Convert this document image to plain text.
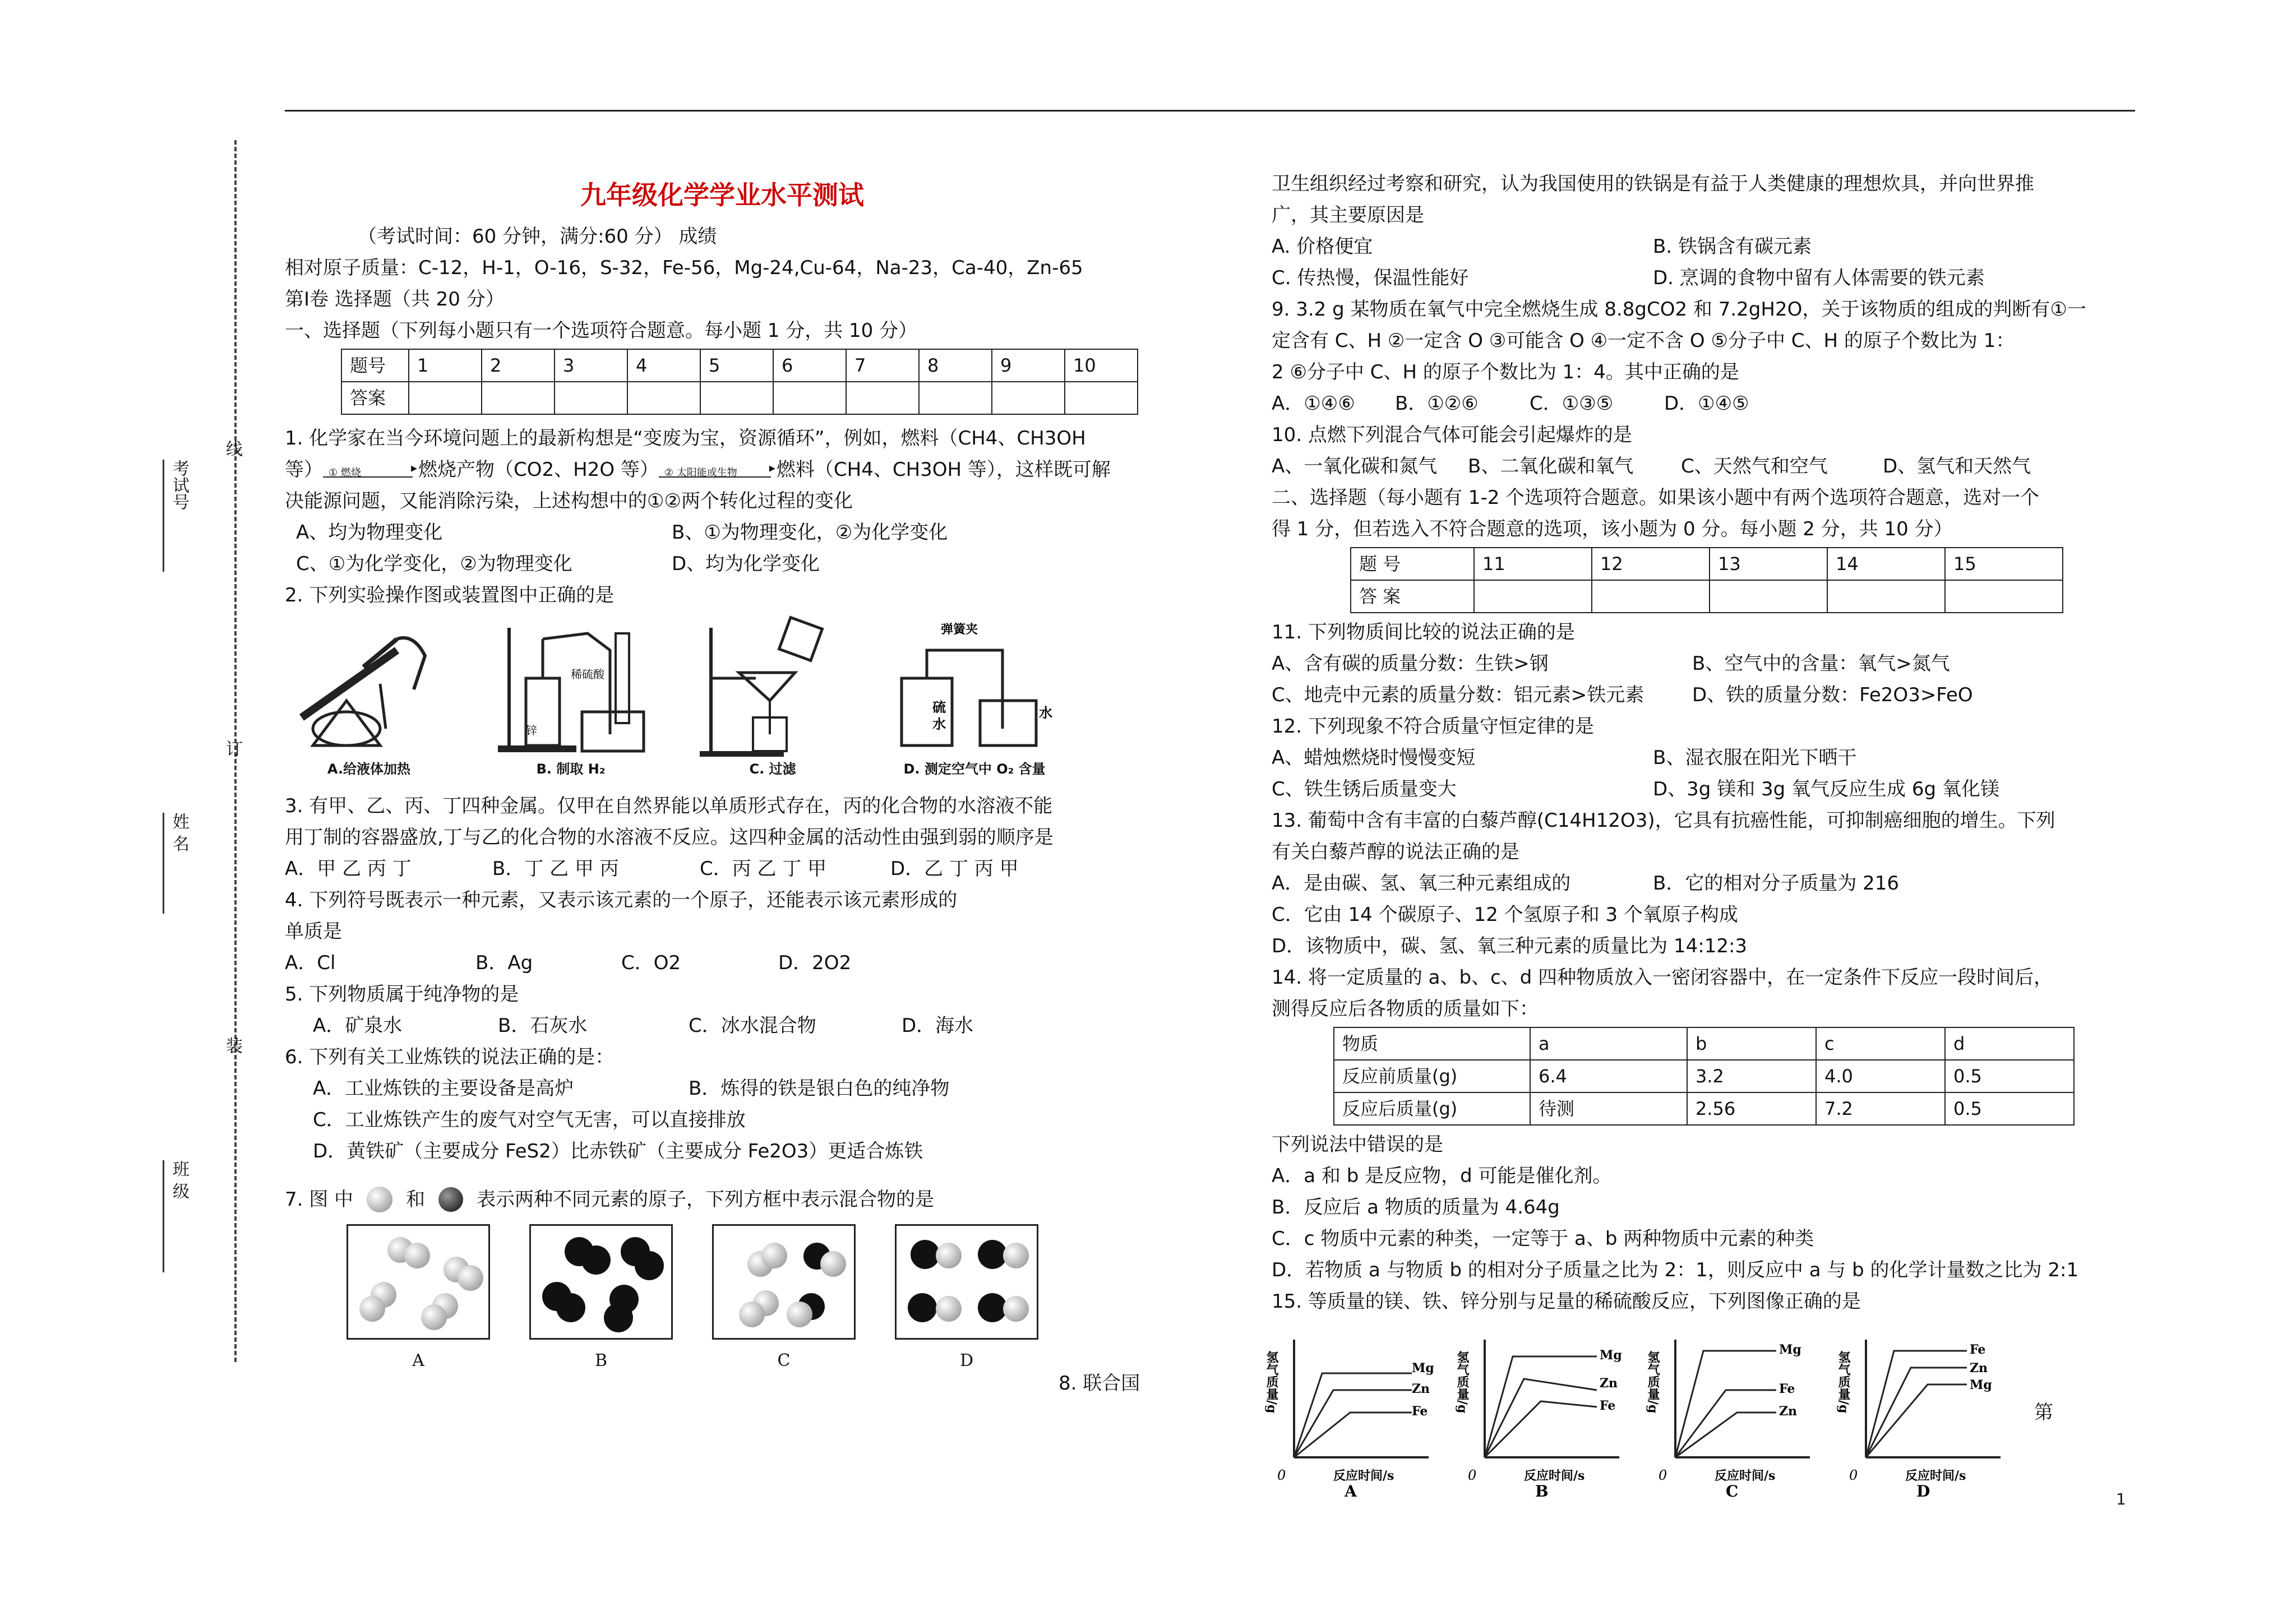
考试号
线
姓 名
订
装
班 级
九年级化学学业水平测试
（考试时间：60 分钟，满分:60 分） 成绩
相对原子质量：C-12，H-1，O-16，S-32，Fe-56，Mg-24,Cu-64，Na-23，Ca-40，Zn-65
第Ⅰ卷 选择题（共 20 分）
一、选择题（下列每小题只有一个选项符合题意。每小题 1 分，共 10 分）
题号	1	2	3	4	5	6	7	8	9	10
答案										
1. 化学家在当今环境问题上的最新构想是“变废为宝，资源循环”，例如，燃料（CH4、CH3OH
等） ① 燃烧	▸ 燃烧产物（CO2、H2O 等） ② 太阳能或生物	▸ 燃料（CH4、CH3OH 等），这样既可解
决能源问题，又能消除污染，上述构想中的①②两个转化过程的变化
A、均为物理变化	B、①为物理变化，②为化学变化
C、①为化学变化，②为物理变化	D、均为化学变化
2. 下列实验操作图或装置图中正确的是
A.给液体加热
稀硫酸
锌
B. 制取 H₂	C. 过滤
弹簧夹
硫
水
水
D. 测定空气中 O₂ 含量
3. 有甲、乙、丙、丁四种金属。仅甲在自然界能以单质形式存在，丙的化合物的水溶液不能
用丁制的容器盛放,丁与乙的化合物的水溶液不反应。这四种金属的活动性由强到弱的顺序是
A．甲 乙 丙 丁	B．丁 乙 甲 丙	C．丙 乙 丁 甲	D．乙 丁 丙 甲
4. 下列符号既表示一种元素，又表示该元素的一个原子，还能表示该元素形成的
单质是
A．Cl	B．Ag	C．O2	D．2O2
5. 下列物质属于纯净物的是
A．矿泉水	B．石灰水	C．冰水混合物	D．海水
6. 下列有关工业炼铁的说法正确的是：
A．工业炼铁的主要设备是高炉	B．炼得的铁是银白色的纯净物
C．工业炼铁产生的废气对空气无害，可以直接排放
D．黄铁矿（主要成分 FeS2）比赤铁矿（主要成分 Fe2O3）更适合炼铁
7. 图 中	和	表示两种不同元素的原子，下列方框中表示混合物的是
A	B	C	D
8. 联合国
卫生组织经过考察和研究，认为我国使用的铁锅是有益于人类健康的理想炊具，并向世界推
广，其主要原因是
A. 价格便宜	B. 铁锅含有碳元素
C. 传热慢，保温性能好	D. 烹调的食物中留有人体需要的铁元素
9. 3.2 g 某物质在氧气中完全燃烧生成 8.8gCO2 和 7.2gH2O，关于该物质的组成的判断有①一
定含有 C、H ②一定含 O ③可能含 O ④一定不含 O ⑤分子中 C、H 的原子个数比为 1：
2 ⑥分子中 C、H 的原子个数比为 1：4。其中正确的是
A．①④⑥	B．①②⑥	C．①③⑤	D．①④⑤
10. 点燃下列混合气体可能会引起爆炸的是
A、一氧化碳和氮气	B、二氧化碳和氧气	C、天然气和空气	D、氢气和天然气
二、选择题（每小题有 1-2 个选项符合题意。如果该小题中有两个选项符合题意，选对一个
得 1 分，但若选入不符合题意的选项，该小题为 0 分。每小题 2 分，共 10 分）
题 号	11	12	13	14	15
答 案					
11. 下列物质间比较的说法正确的是
A、含有碳的质量分数：生铁>钢	B、空气中的含量：氧气>氮气
C、地壳中元素的质量分数：铝元素>铁元素	D、铁的质量分数：Fe2O3>FeO
12. 下列现象不符合质量守恒定律的是
A、蜡烛燃烧时慢慢变短	B、湿衣服在阳光下晒干
C、铁生锈后质量变大	D、3g 镁和 3g 氧气反应生成 6g 氧化镁
13. 葡萄中含有丰富的白藜芦醇(C14H12O3)，它具有抗癌性能，可抑制癌细胞的增生。下列
有关白藜芦醇的说法正确的是
A．是由碳、氢、氧三种元素组成的	B．它的相对分子质量为 216
C．它由 14 个碳原子、12 个氢原子和 3 个氧原子构成
D．该物质中，碳、氢、氧三种元素的质量比为 14:12:3
14. 将一定质量的 a、b、c、d 四种物质放入一密闭容器中，在一定条件下反应一段时间后，
测得反应后各物质的质量如下：
物质	a	b	c	d
反应前质量(g)	6.4	3.2	4.0	0.5
反应后质量(g)	待测	2.56	7.2	0.5
下列说法中错误的是
A．a 和 b 是反应物，d 可能是催化剂。
B．反应后 a 物质的质量为 4.64g
C．c 物质中元素的种类，一定等于 a、b 两种物质中元素的种类
D．若物质 a 与物质 b 的相对分子质量之比为 2：1，则反应中 a 与 b 的化学计量数之比为 2:1
15. 等质量的镁、铁、锌分别与足量的稀硫酸反应，下列图像正确的是
氢气质量/g
0	反应时间/s
Mg
Zn
Fe
A
氢气质量/g
0	反应时间/s
Mg
Zn
Fe
B
氢气质量/g
0	反应时间/s
Mg
Fe
Zn
C
氢气质量/g
0	反应时间/s
Fe
Zn
Mg
D
第
1
